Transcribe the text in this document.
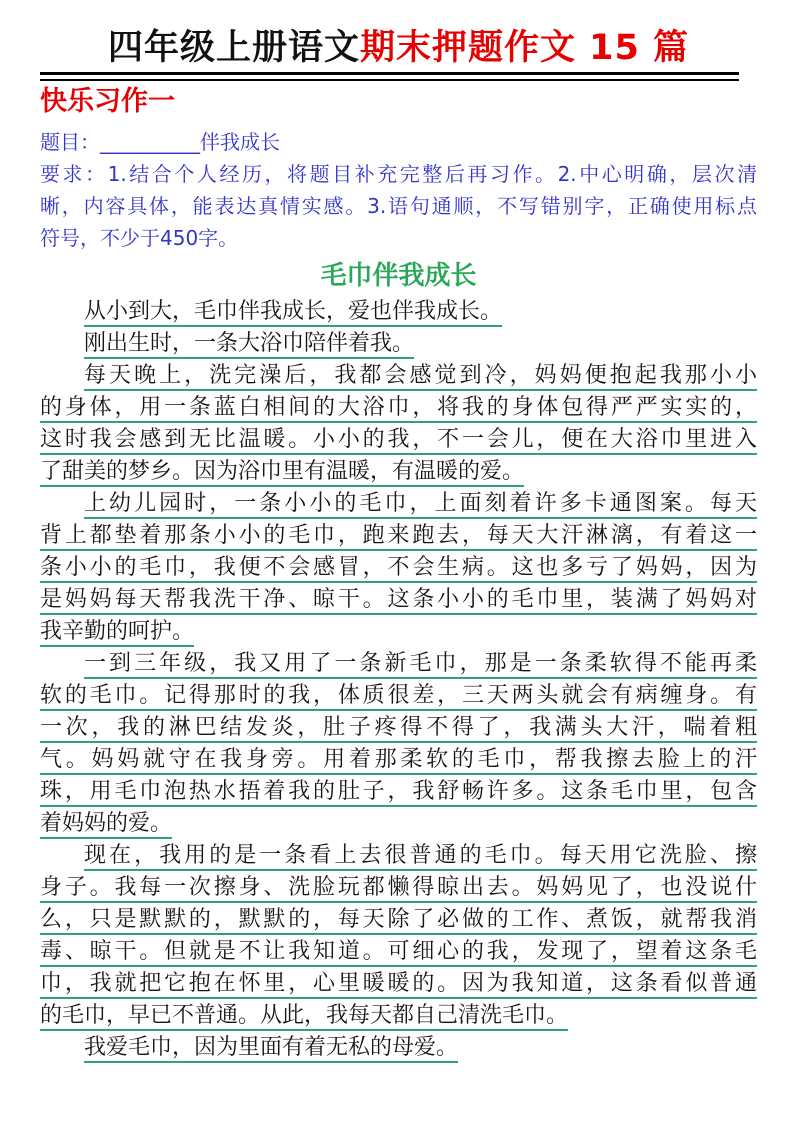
四年级上册语文期末押题作文 15 篇
快乐习作一

题目：__________伴我成长

要求：1.结合个人经历，将题目补充完整后再习作。2.中心明确，层次清

晰，内容具体，能表达真情实感。3.语句通顺，不写错别字，正确使用标点

符号，不少于450字。

毛巾伴我成长
从小到大，毛巾伴我成长，爱也伴我成长。
刚出生时，一条大浴巾陪伴着我。
每天晚上，洗完澡后，我都会感觉到冷，妈妈便抱起我那小小
的身体，用一条蓝白相间的大浴巾，将我的身体包得严严实实的，
这时我会感到无比温暖。小小的我，不一会儿，便在大浴巾里进入
了甜美的梦乡。因为浴巾里有温暖，有温暖的爱。
上幼儿园时，一条小小的毛巾，上面刻着许多卡通图案。每天
背上都垫着那条小小的毛巾，跑来跑去，每天大汗淋漓，有着这一
条小小的毛巾，我便不会感冒，不会生病。这也多亏了妈妈，因为
是妈妈每天帮我洗干净、晾干。这条小小的毛巾里，装满了妈妈对
我辛勤的呵护。
一到三年级，我又用了一条新毛巾，那是一条柔软得不能再柔
软的毛巾。记得那时的我，体质很差，三天两头就会有病缠身。有
一次，我的淋巴结发炎，肚子疼得不得了，我满头大汗，喘着粗
气。妈妈就守在我身旁。用着那柔软的毛巾，帮我擦去脸上的汗
珠，用毛巾泡热水捂着我的肚子，我舒畅许多。这条毛巾里，包含
着妈妈的爱。
现在，我用的是一条看上去很普通的毛巾。每天用它洗脸、擦
身子。我每一次擦身、洗脸玩都懒得晾出去。妈妈见了，也没说什
么，只是默默的，默默的，每天除了必做的工作、煮饭，就帮我消
毒、晾干。但就是不让我知道。可细心的我，发现了，望着这条毛
巾，我就把它抱在怀里，心里暖暖的。因为我知道，这条看似普通
的毛巾，早已不普通。从此，我每天都自己清洗毛巾。
我爱毛巾，因为里面有着无私的母爱。
